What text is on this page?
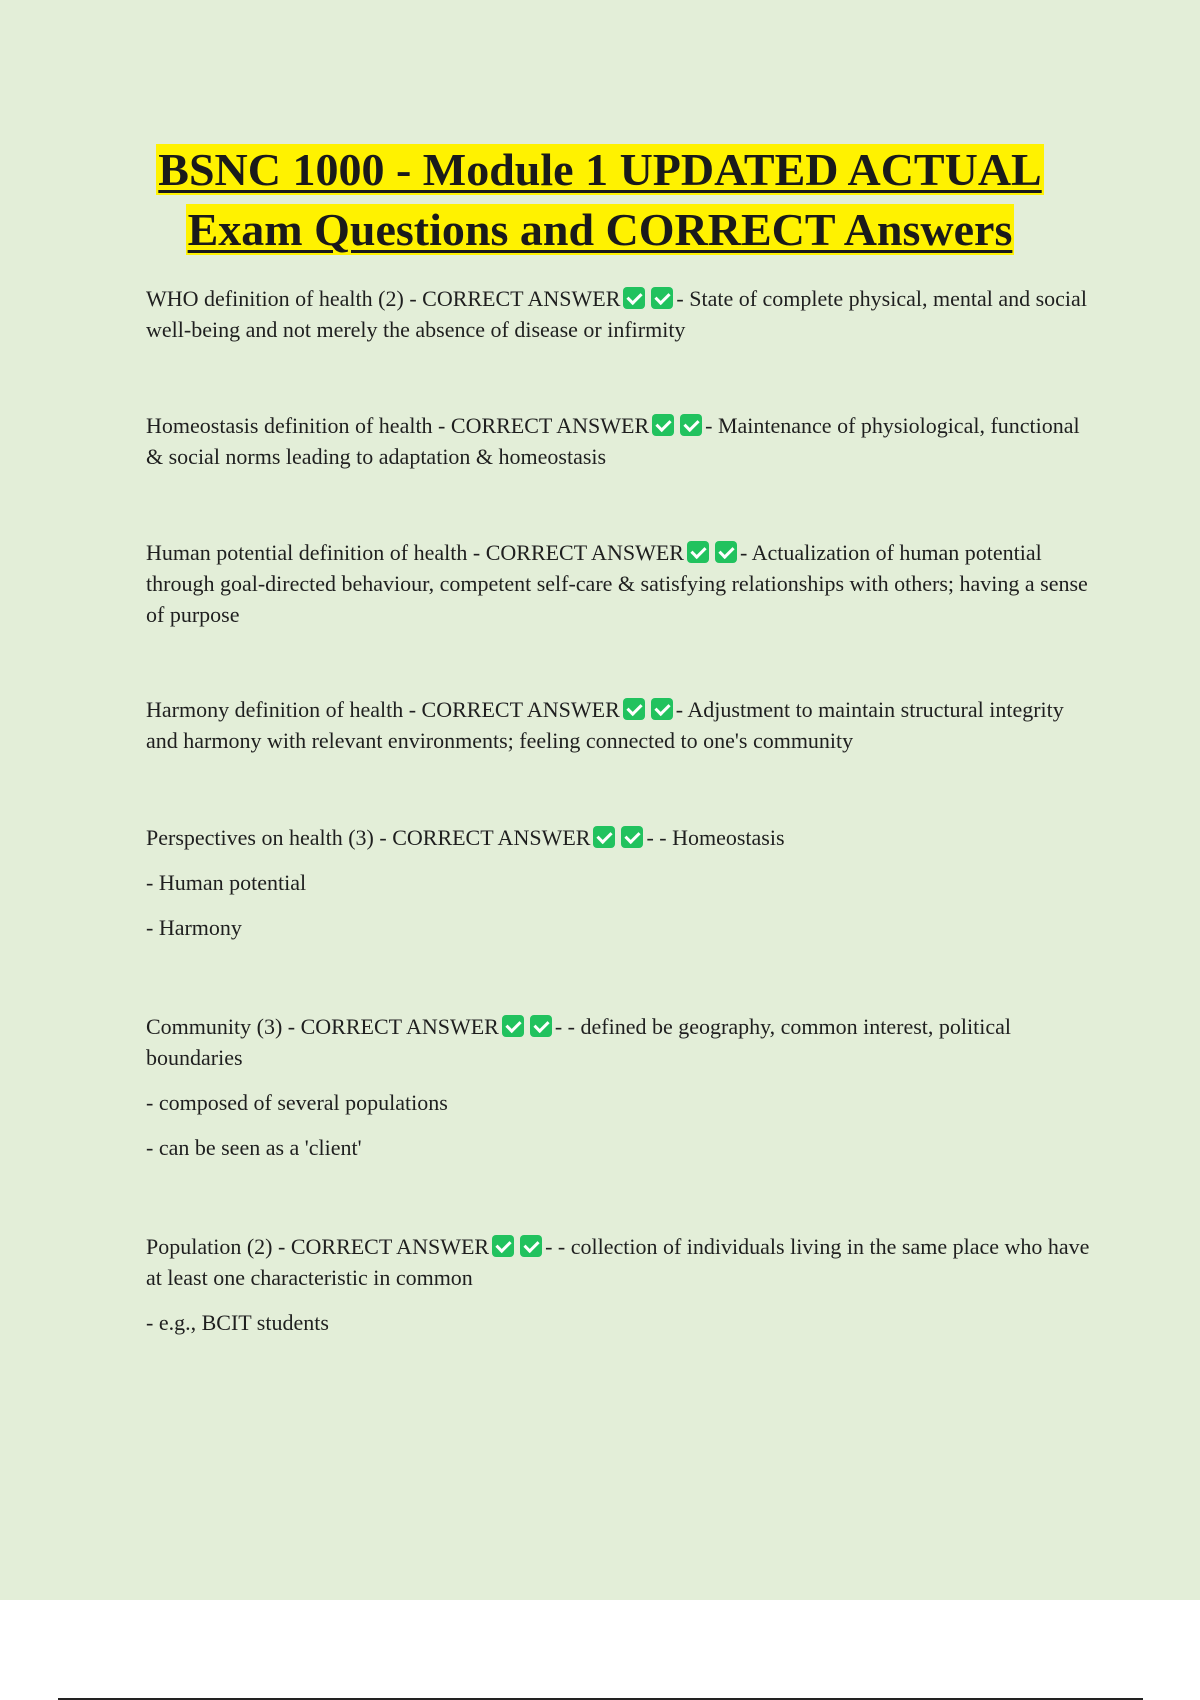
BSNC 1000 - Module 1 UPDATED ACTUAL
Exam Questions and CORRECT Answers

WHO definition of health (2) - CORRECT ANSWER	- State of complete physical, mental and social well-being and not merely the absence of disease or infirmity

Homeostasis definition of health - CORRECT ANSWER	- Maintenance of physiological, functional & social norms leading to adaptation & homeostasis

Human potential definition of health - CORRECT ANSWER	- Actualization of human potential through goal-directed behaviour, competent self-care & satisfying relationships with others; having a sense of purpose

Harmony definition of health - CORRECT ANSWER	- Adjustment to maintain structural integrity and harmony with relevant environments; feeling connected to one's community

Perspectives on health (3) - CORRECT ANSWER	- - Homeostasis

- Human potential

- Harmony

Community (3) - CORRECT ANSWER	- - defined be geography, common interest, political boundaries

- composed of several populations

- can be seen as a 'client'

Population (2) - CORRECT ANSWER	- - collection of individuals living in the same place who have at least one characteristic in common

- e.g., BCIT students
